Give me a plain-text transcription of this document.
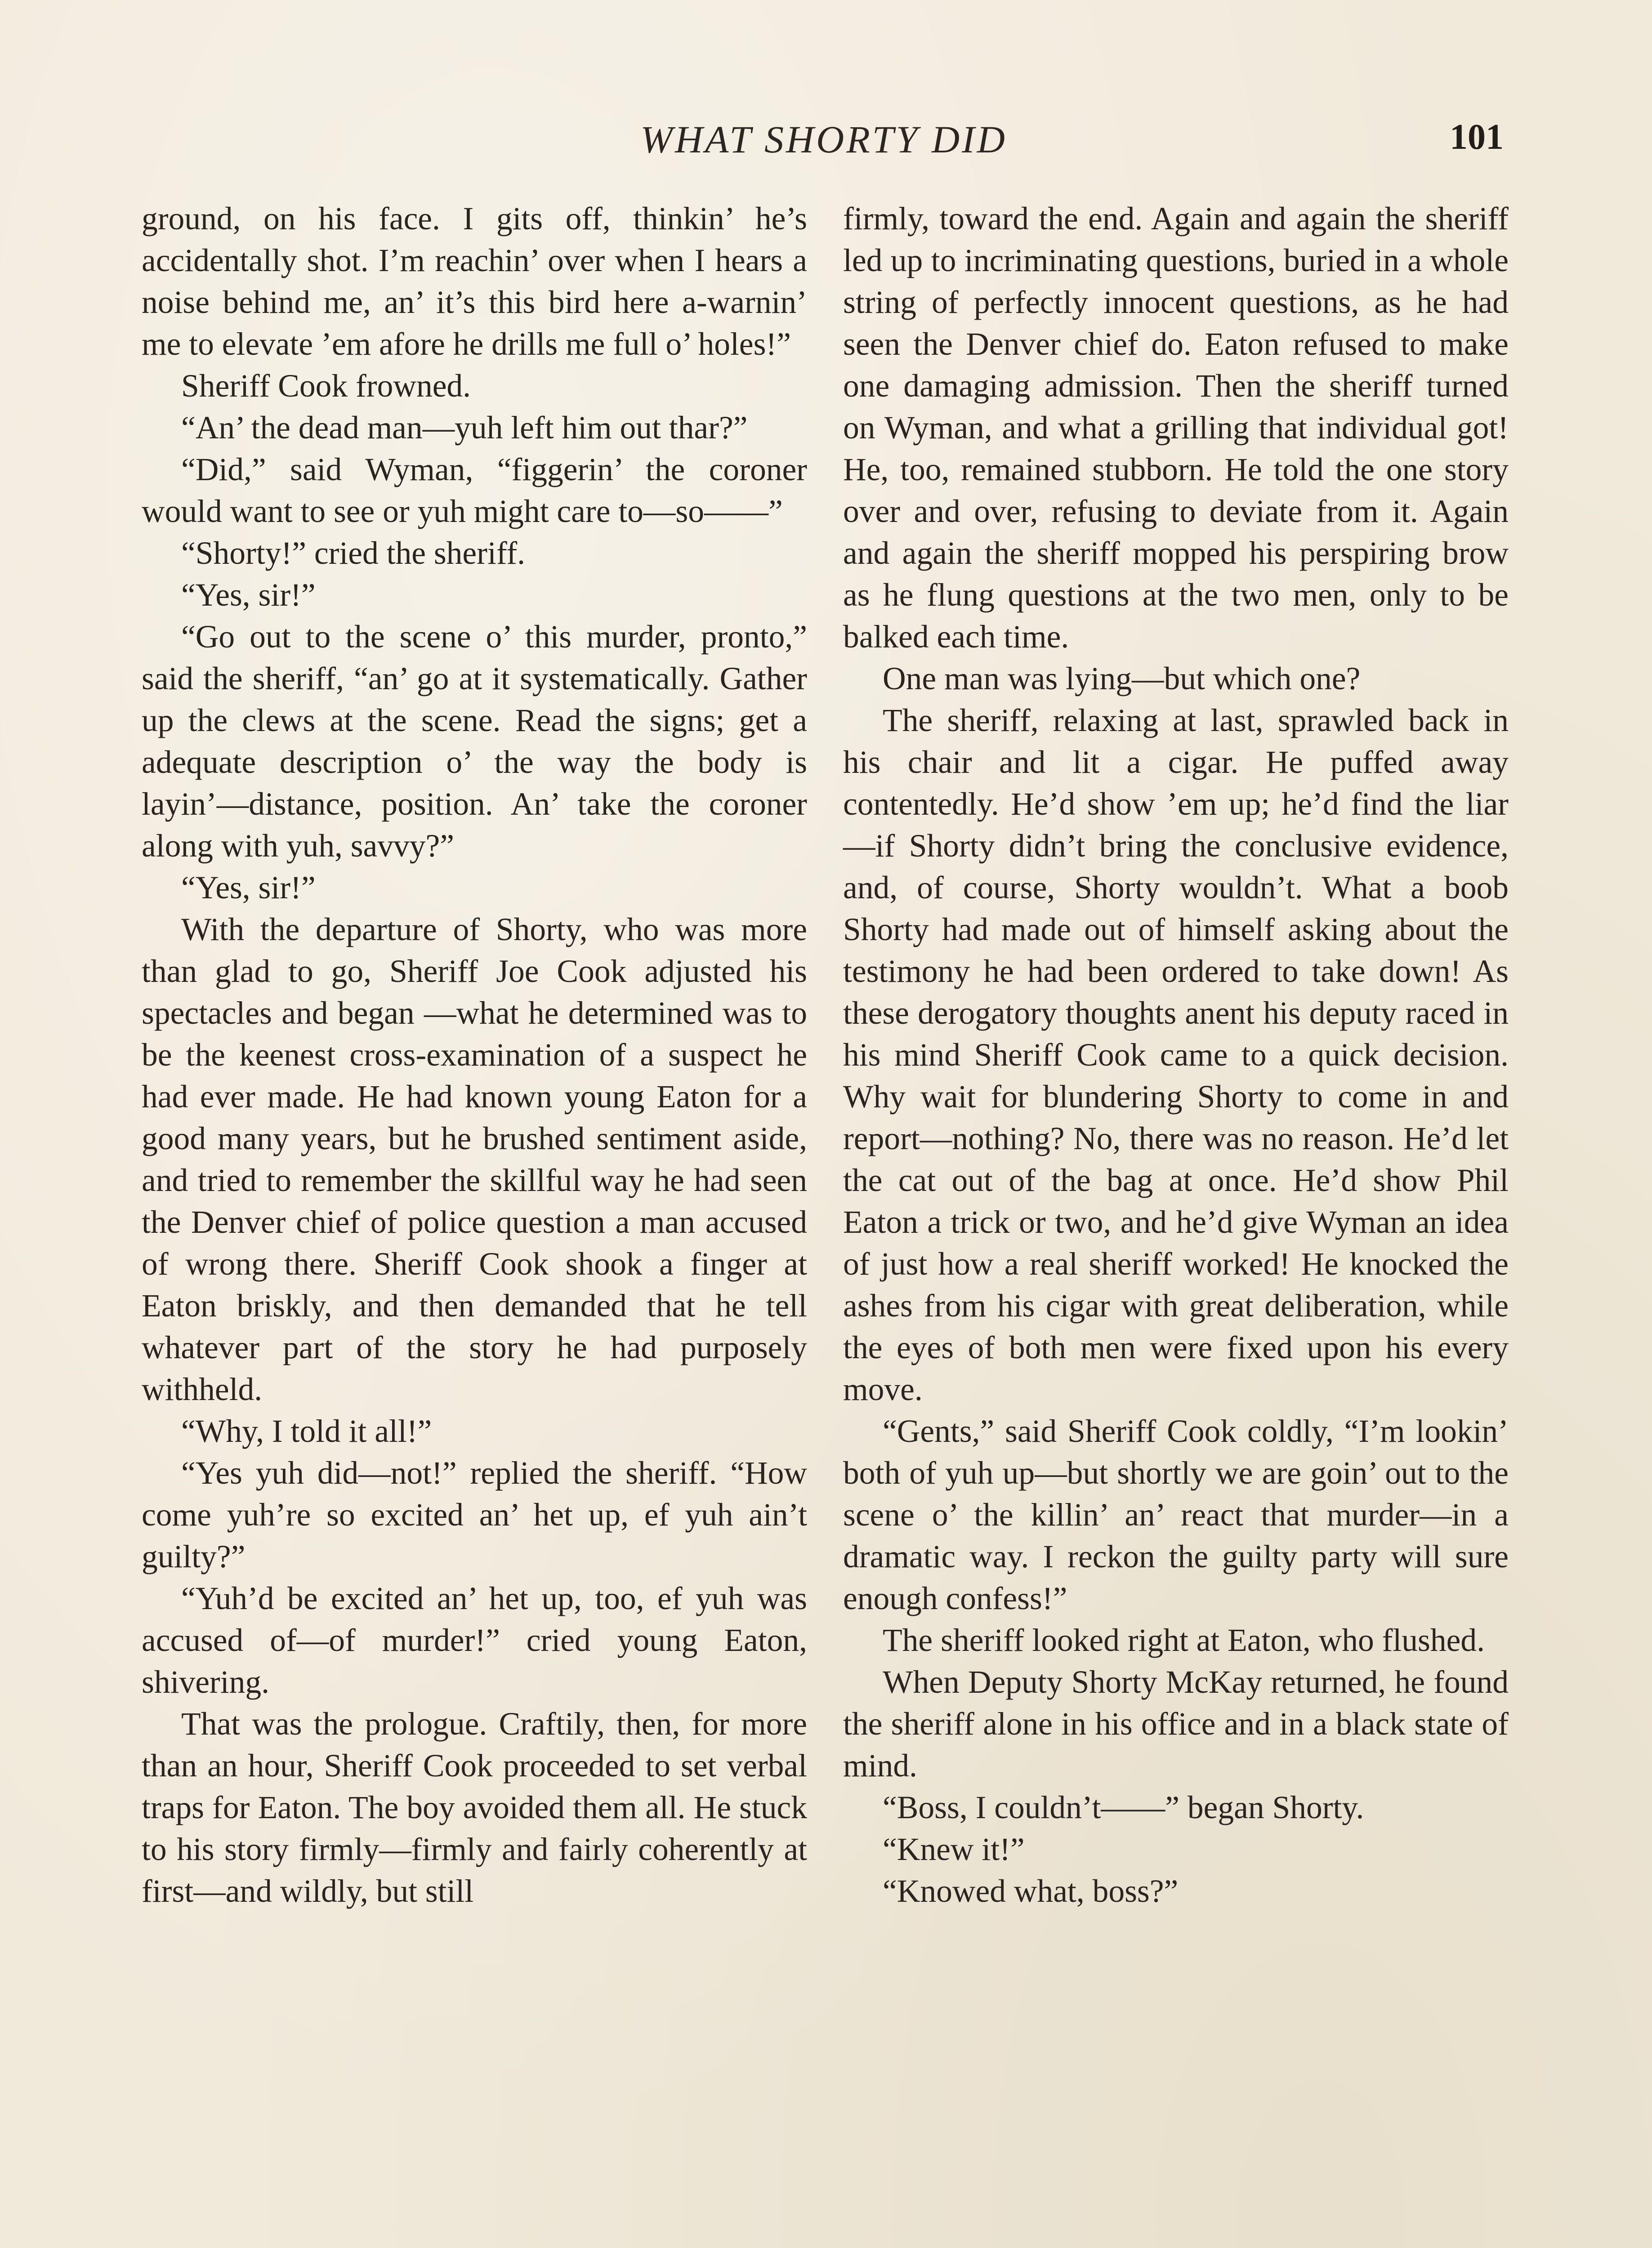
WHAT SHORTY DID	101

ground, on his face. I gits off, thinkin’ he’s accidentally shot. I’m reachin’ over when I hears a noise behind me, an’ it’s this bird here a-warnin’ me to elevate ’em afore he drills me full o’ holes!”

Sheriff Cook frowned.

“An’ the dead man—yuh left him out thar?”

“Did,” said Wyman, “figgerin’ the coroner would want to see or yuh might care to—so——”

“Shorty!” cried the sheriff.

“Yes, sir!”

“Go out to the scene o’ this murder, pronto,” said the sheriff, “an’ go at it systematically. Gather up the clews at the scene. Read the signs; get a adequate description o’ the way the body is layin’—distance, position. An’ take the coroner along with yuh, savvy?”

“Yes, sir!”

With the departure of Shorty, who was more than glad to go, Sheriff Joe Cook adjusted his spectacles and began —what he determined was to be the keenest cross-examination of a suspect he had ever made. He had known young Eaton for a good many years, but he brushed sentiment aside, and tried to remember the skillful way he had seen the Denver chief of police question a man accused of wrong there. Sheriff Cook shook a finger at Eaton briskly, and then demanded that he tell whatever part of the story he had purposely withheld.

“Why, I told it all!”

“Yes yuh did—not!” replied the sheriff. “How come yuh’re so excited an’ het up, ef yuh ain’t guilty?”

“Yuh’d be excited an’ het up, too, ef yuh was accused of—of murder!” cried young Eaton, shivering.

That was the prologue. Craftily, then, for more than an hour, Sheriff Cook proceeded to set verbal traps for Eaton. The boy avoided them all. He stuck to his story firmly—firmly and fairly coherently at first—and wildly, but still

firmly, toward the end. Again and again the sheriff led up to incriminating questions, buried in a whole string of perfectly innocent questions, as he had seen the Denver chief do. Eaton refused to make one damaging admission. Then the sheriff turned on Wyman, and what a grilling that individual got! He, too, remained stubborn. He told the one story over and over, refusing to deviate from it. Again and again the sheriff mopped his perspiring brow as he flung questions at the two men, only to be balked each time.

One man was lying—but which one?

The sheriff, relaxing at last, sprawled back in his chair and lit a cigar. He puffed away contentedly. He’d show ’em up; he’d find the liar—if Shorty didn’t bring the conclusive evidence, and, of course, Shorty wouldn’t. What a boob Shorty had made out of himself asking about the testimony he had been ordered to take down! As these derogatory thoughts anent his deputy raced in his mind Sheriff Cook came to a quick decision. Why wait for blundering Shorty to come in and report—nothing? No, there was no reason. He’d let the cat out of the bag at once. He’d show Phil Eaton a trick or two, and he’d give Wyman an idea of just how a real sheriff worked! He knocked the ashes from his cigar with great deliberation, while the eyes of both men were fixed upon his every move.

“Gents,” said Sheriff Cook coldly, “I’m lookin’ both of yuh up—but shortly we are goin’ out to the scene o’ the killin’ an’ react that murder—in a dramatic way. I reckon the guilty party will sure enough confess!”

The sheriff looked right at Eaton, who flushed.

When Deputy Shorty McKay returned, he found the sheriff alone in his office and in a black state of mind.

“Boss, I couldn’t——” began Shorty.

“Knew it!”

“Knowed what, boss?”
